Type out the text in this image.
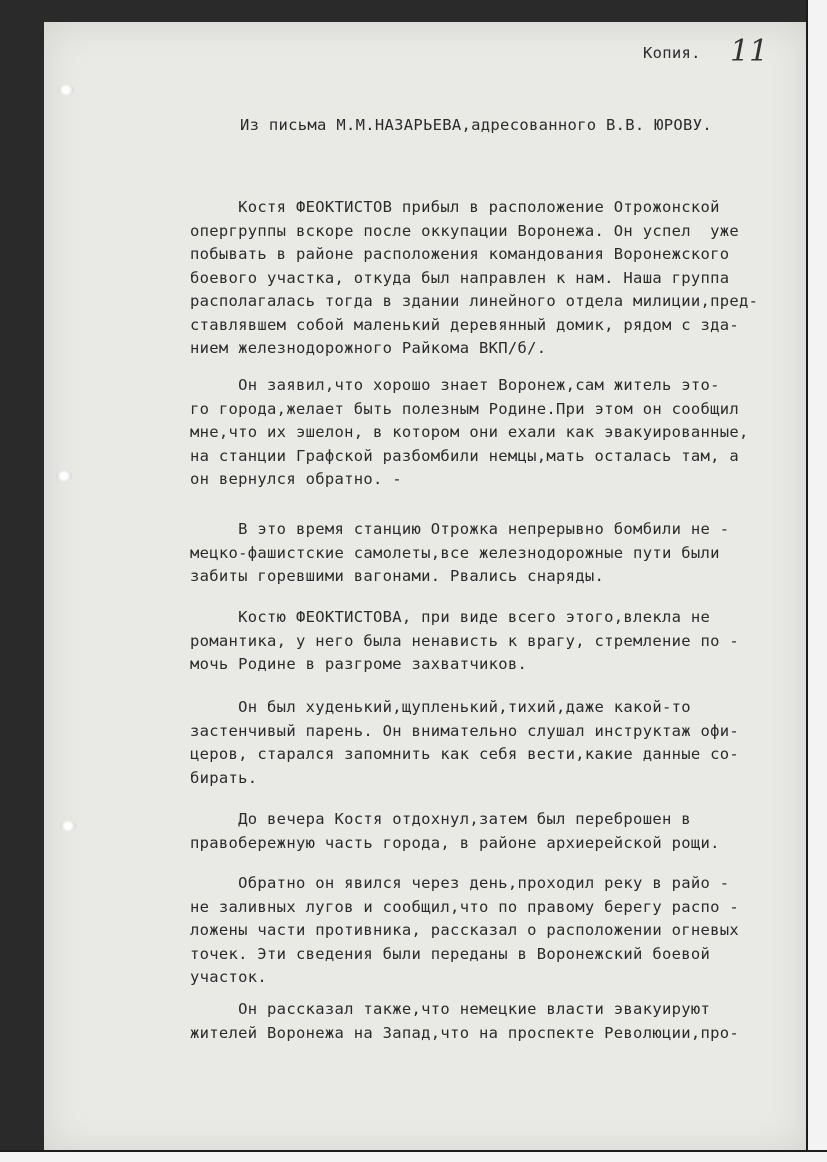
Копия. 11
Из письма М.М.НАЗАРЬЕВА,адресованного В.В. ЮРОВУ.
Костя ФЕОКТИСТОВ прибыл в расположение Отрожонской
опергруппы вскоре после оккупации Воронежа. Он успел  уже
побывать в районе расположения командования Воронежского
боевого участка, откуда был направлен к нам. Наша группа
располагалась тогда в здании линейного отдела милиции,пред-
ставлявшем собой маленький деревянный домик, рядом с зда-
нием железнодорожного Райкома ВКП/б/.
Он заявил,что хорошо знает Воронеж,сам житель это-
го города,желает быть полезным Родине.При этом он сообщил
мне,что их эшелон, в котором они ехали как эвакуированные,
на станции Графской разбомбили немцы,мать осталась там, а
он вернулся обратно. -
В это время станцию Отрожка непрерывно бомбили не -
мецко-фашистские самолеты,все железнодорожные пути были
забиты горевшими вагонами. Рвались снаряды.
Костю ФЕОКТИСТОВА, при виде всего этого,влекла не
романтика, у него была ненависть к врагу, стремление по -
мочь Родине в разгроме захватчиков.
Он был худенький,щупленький,тихий,даже какой-то
застенчивый парень. Он внимательно слушал инструктаж офи-
церов, старался запомнить как себя вести,какие данные со-
бирать.
До вечера Костя отдохнул,затем был переброшен в
правобережную часть города, в районе архиерейской рощи.
Обратно он явился через день,проходил реку в райо -
не заливных лугов и сообщил,что по правому берегу распо -
ложены части противника, рассказал о расположении огневых
точек. Эти сведения были переданы в Воронежский боевой
участок.
Он рассказал также,что немецкие власти эвакуируют
жителей Воронежа на Запад,что на проспекте Революции,про-
